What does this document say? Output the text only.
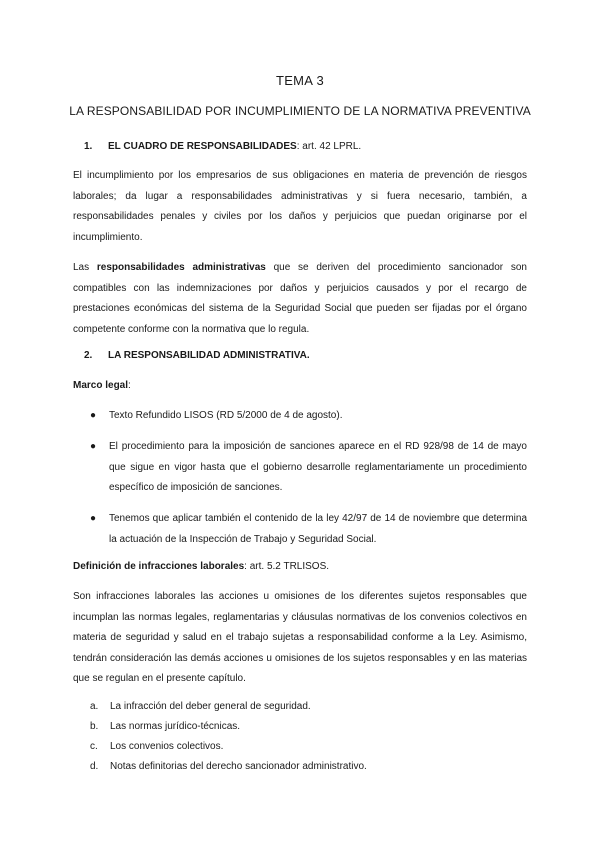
TEMA 3
LA RESPONSABILIDAD POR INCUMPLIMIENTO DE LA NORMATIVA PREVENTIVA
1. EL CUADRO DE RESPONSABILIDADES: art. 42 LPRL.

El incumplimiento por los empresarios de sus obligaciones en materia de prevención de riesgos laborales; da lugar a responsabilidades administrativas y si fuera necesario, también, a responsabilidades penales y civiles por los daños y perjuicios que puedan originarse por el incumplimiento.

Las responsabilidades administrativas que se deriven del procedimiento sancionador son compatibles con las indemnizaciones por daños y perjuicios causados y por el recargo de prestaciones económicas del sistema de la Seguridad Social que pueden ser fijadas por el órgano competente conforme con la normativa que lo regula.

2. LA RESPONSABILIDAD ADMINISTRATIVA.

Marco legal:

● Texto Refundido LISOS (RD 5/2000 de 4 de agosto).
● El procedimiento para la imposición de sanciones aparece en el RD 928/98 de 14 de mayo que sigue en vigor hasta que el gobierno desarrolle reglamentariamente un procedimiento específico de imposición de sanciones.
● Tenemos que aplicar también el contenido de la ley 42/97 de 14 de noviembre que determina la actuación de la Inspección de Trabajo y Seguridad Social.

Definición de infracciones laborales: art. 5.2 TRLISOS.

Son infracciones laborales las acciones u omisiones de los diferentes sujetos responsables que incumplan las normas legales, reglamentarias y cláusulas normativas de los convenios colectivos en materia de seguridad y salud en el trabajo sujetas a responsabilidad conforme a la Ley. Asimismo, tendrán consideración las demás acciones u omisiones de los sujetos responsables y en las materias que se regulan en el presente capítulo.

a. La infracción del deber general de seguridad.
b. Las normas jurídico-técnicas.
c. Los convenios colectivos.
d. Notas definitorias del derecho sancionador administrativo.
